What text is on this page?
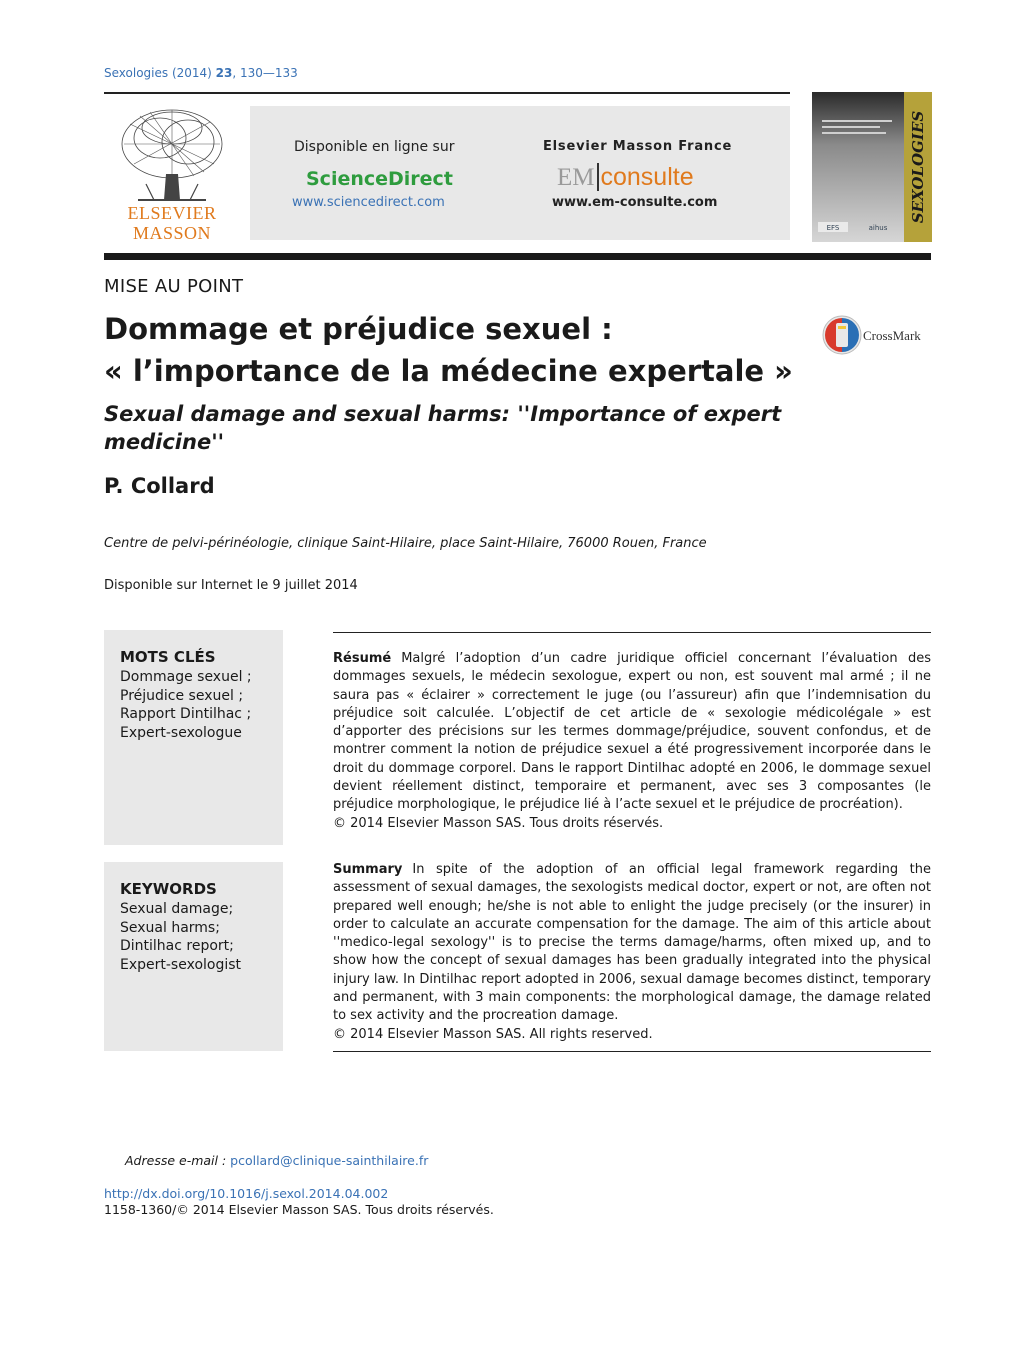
Sexologies (2014) 23, 130—133
ELSEVIER
MASSON
Disponible en ligne sur
ScienceDirect
www.sciencedirect.com
Elsevier Masson France
EM consulte
www.em-consulte.com
EFS	aihus
SEXOLOGIES
MISE AU POINT
Dommage et préjudice sexuel :
« l’importance de la médecine expertale »
CrossMark
Sexual damage and sexual harms: ''Importance of expert medicine''
P. Collard
Centre de pelvi-périnéologie, clinique Saint-Hilaire, place Saint-Hilaire, 76000 Rouen, France
Disponible sur Internet le 9 juillet 2014
MOTS CLÉS
Dommage sexuel ;
Préjudice sexuel ;
Rapport Dintilhac ;
Expert-sexologue
KEYWORDS
Sexual damage;
Sexual harms;
Dintilhac report;
Expert-sexologist
Résumé Malgré l’adoption d’un cadre juridique officiel concernant l’évaluation des dommages sexuels, le médecin sexologue, expert ou non, est souvent mal armé ; il ne saura pas « éclairer » correctement le juge (ou l’assureur) afin que l’indemnisation du préjudice soit calculée. L’objectif de cet article de « sexologie médicolégale » est d’apporter des précisions sur les termes dommage/préjudice, souvent confondus, et de montrer comment la notion de préjudice sexuel a été progressivement incorporée dans le droit du dommage corporel. Dans le rapport Dintilhac adopté en 2006, le dommage sexuel devient réellement distinct, temporaire et permanent, avec ses 3 composantes (le préjudice morphologique, le préjudice lié à l’acte sexuel et le préjudice de procréation).
© 2014 Elsevier Masson SAS. Tous droits réservés.
Summary In spite of the adoption of an official legal framework regarding the assessment of sexual damages, the sexologists medical doctor, expert or not, are often not prepared well enough; he/she is not able to enlight the judge precisely (or the insurer) in order to calculate an accurate compensation for the damage. The aim of this article about ''medico-legal sexology'' is to precise the terms damage/harms, often mixed up, and to show how the concept of sexual damages has been gradually integrated into the physical injury law. In Dintilhac report adopted in 2006, sexual damage becomes distinct, temporary and permanent, with 3 main components: the morphological damage, the damage related to sex activity and the procreation damage.
© 2014 Elsevier Masson SAS. All rights reserved.
Adresse e-mail : pcollard@clinique-sainthilaire.fr
http://dx.doi.org/10.1016/j.sexol.2014.04.002
1158-1360/© 2014 Elsevier Masson SAS. Tous droits réservés.
